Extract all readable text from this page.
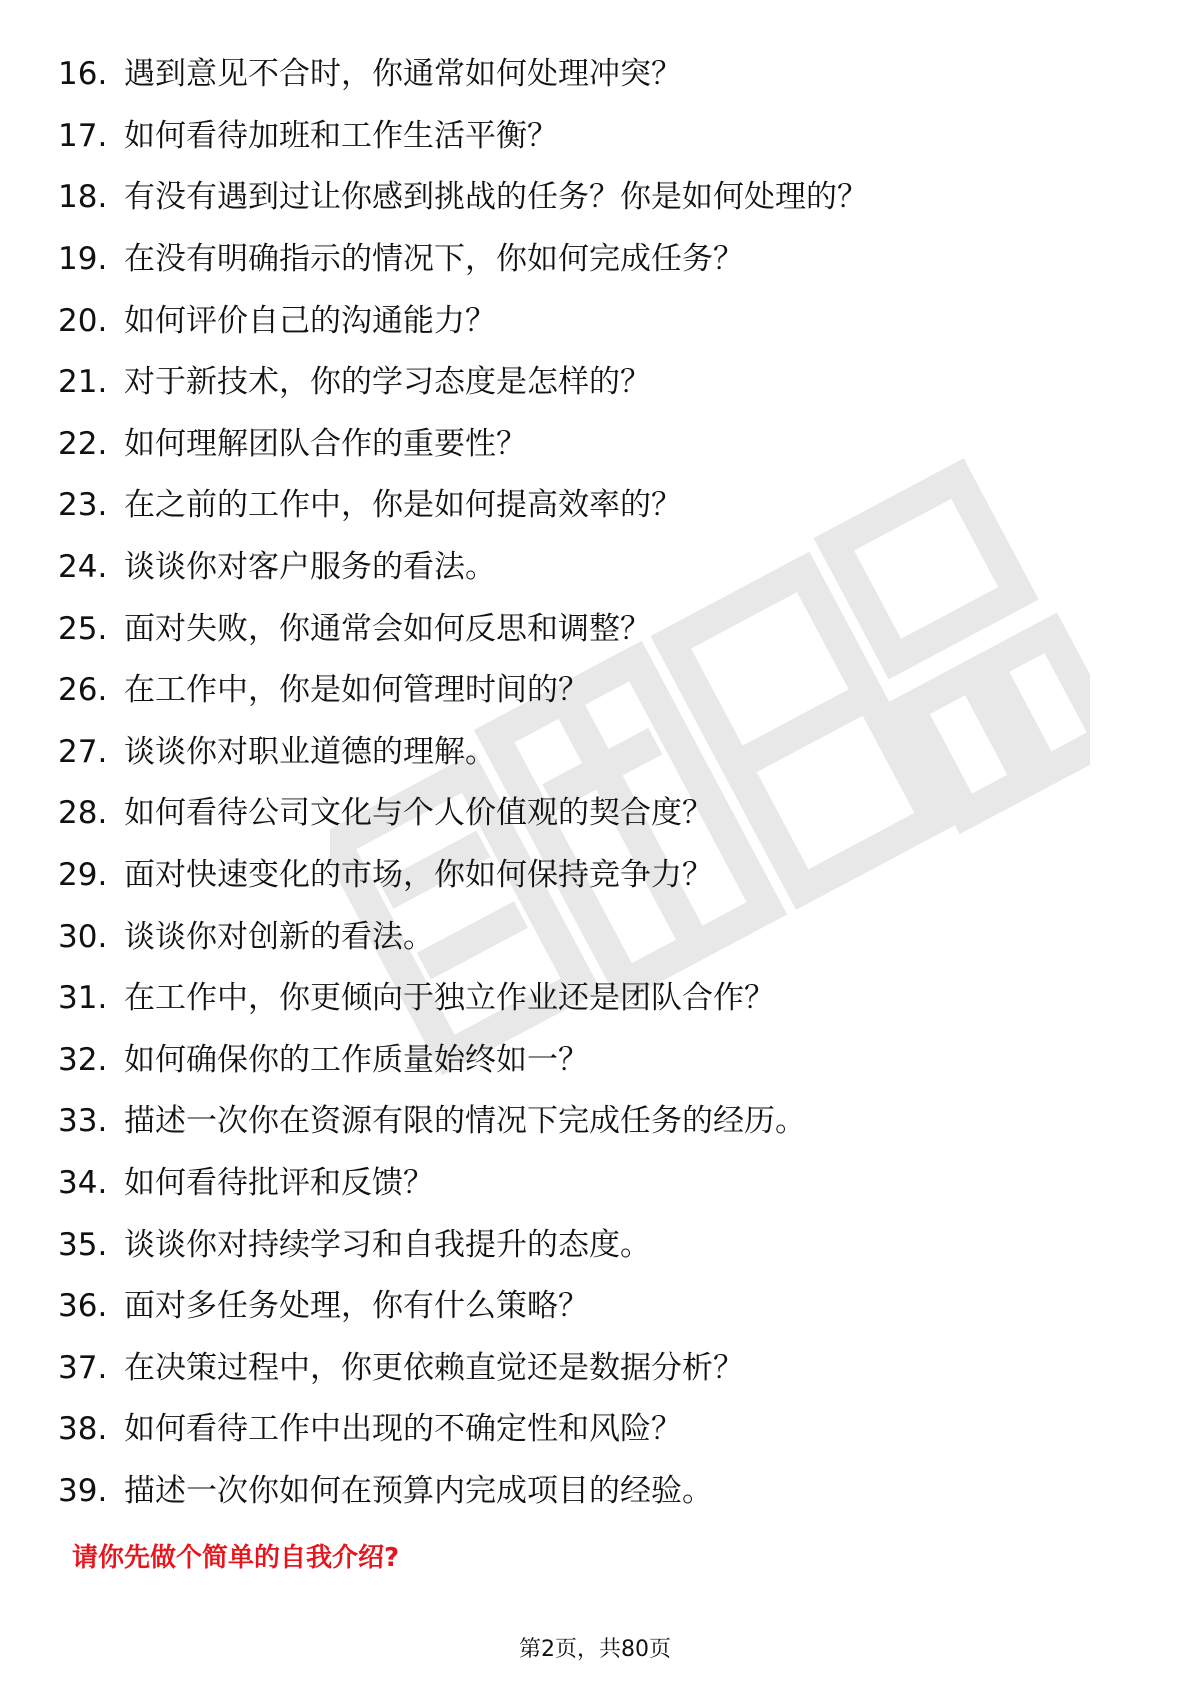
16. 遇到意见不合时，你通常如何处理冲突？
17. 如何看待加班和工作生活平衡？
18. 有没有遇到过让你感到挑战的任务？你是如何处理的？
19. 在没有明确指示的情况下，你如何完成任务？
20. 如何评价自己的沟通能力？
21. 对于新技术，你的学习态度是怎样的？
22. 如何理解团队合作的重要性？
23. 在之前的工作中，你是如何提高效率的？
24. 谈谈你对客户服务的看法。
25. 面对失败，你通常会如何反思和调整？
26. 在工作中，你是如何管理时间的？
27. 谈谈你对职业道德的理解。
28. 如何看待公司文化与个人价值观的契合度？
29. 面对快速变化的市场，你如何保持竞争力？
30. 谈谈你对创新的看法。
31. 在工作中，你更倾向于独立作业还是团队合作？
32. 如何确保你的工作质量始终如一？
33. 描述一次你在资源有限的情况下完成任务的经历。
34. 如何看待批评和反馈？
35. 谈谈你对持续学习和自我提升的态度。
36. 面对多任务处理，你有什么策略？
37. 在决策过程中，你更依赖直觉还是数据分析？
38. 如何看待工作中出现的不确定性和风险？
39. 描述一次你如何在预算内完成项目的经验。
请你先做个简单的自我介绍?
第2页，共80页
